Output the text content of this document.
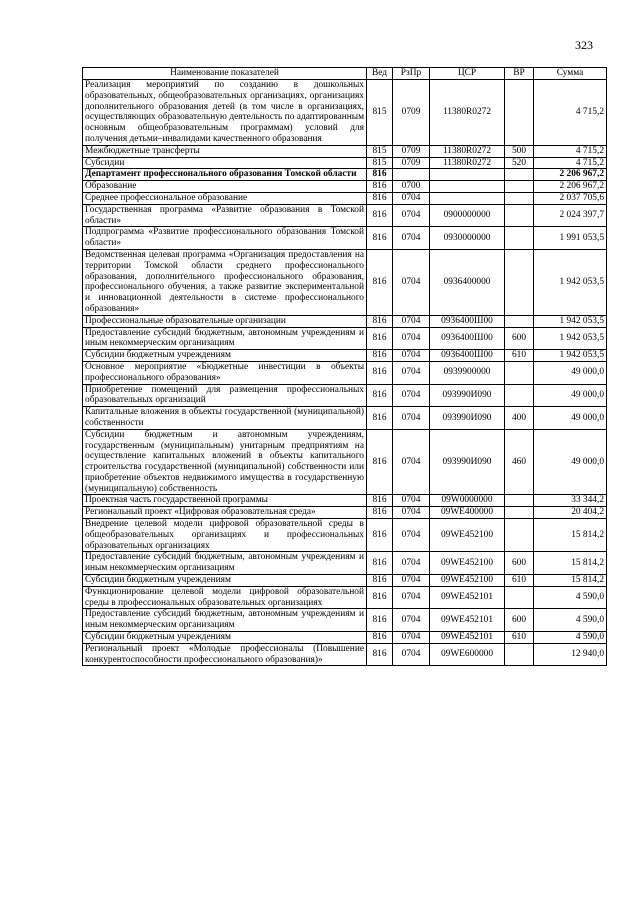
323
Наименование показателей	Вед	РзПр	ЦСР	ВР	Сумма
Реализация мероприятий по созданию в дошкольных образовательных, общеобразовательных организациях, организациях дополнительного образования детей (в том числе в организациях, осуществляющих образовательную деятельность по адаптированным основным общеобразовательным программам) условий для получения детьми–инвалидами качественного образования	815	0709	11380R0272		4 715,2
Межбюджетные трансферты	815	0709	11380R0272	500	4 715,2
Субсидии	815	0709	11380R0272	520	4 715,2
Департамент профессионального образования Томской области	816				2 206 967,2
Образование	816	0700			2 206 967,2
Среднее профессиональное образование	816	0704			2 037 705,6
Государственная программа «Развитие образования в Томской области»	816	0704	0900000000		2 024 397,7
Подпрограмма «Развитие профессионального образования Томской области»	816	0704	0930000000		1 991 053,5
Ведомственная целевая программа «Организация предоставления на территории Томской области среднего профессионального образования, дополнительного профессионального образования, профессионального обучения, а также развитие экспериментальной и инновационной деятельности в системе профессионального образования»	816	0704	0936400000		1 942 053,5
Профессиональные образовательные организации	816	0704	0936400Ш00		1 942 053,5
Предоставление субсидий бюджетным, автономным учреждениям и иным некоммерческим организациям	816	0704	0936400Ш00	600	1 942 053,5
Субсидии бюджетным учреждениям	816	0704	0936400Ш00	610	1 942 053,5
Основное мероприятие «Бюджетные инвестиции в объекты профессионального образования»	816	0704	0939900000		49 000,0
Приобретение помещений для размещения профессиональных образовательных организаций	816	0704	093990И090		49 000,0
Капитальные вложения в объекты государственной (муниципальной) собственности	816	0704	093990И090	400	49 000,0
Субсидии бюджетным и автономным учреждениям, государственным (муниципальным) унитарным предприятиям на осуществление капитальных вложений в объекты капитального строительства государственной (муниципальной) собственности или приобретение объектов недвижимого имущества в государственную (муниципальную) собственность	816	0704	093990И090	460	49 000,0
Проектная часть государственной программы	816	0704	09W0000000		33 344,2
Региональный проект «Цифровая образовательная среда»	816	0704	09WE400000		20 404,2
Внедрение целевой модели цифровой образовательной среды в общеобразовательных организациях и профессиональных образовательных организациях	816	0704	09WE452100		15 814,2
Предоставление субсидий бюджетным, автономным учреждениям и иным некоммерческим организациям	816	0704	09WE452100	600	15 814,2
Субсидии бюджетным учреждениям	816	0704	09WE452100	610	15 814,2
Функционирование целевой модели цифровой образовательной среды в профессиональных образовательных организациях	816	0704	09WE452101		4 590,0
Предоставление субсидий бюджетным, автономным учреждениям и иным некоммерческим организациям	816	0704	09WE452101	600	4 590,0
Субсидии бюджетным учреждениям	816	0704	09WE452101	610	4 590,0
Региональный проект «Молодые профессионалы (Повышение конкурентоспособности профессионального образования)»	816	0704	09WE600000		12 940,0
